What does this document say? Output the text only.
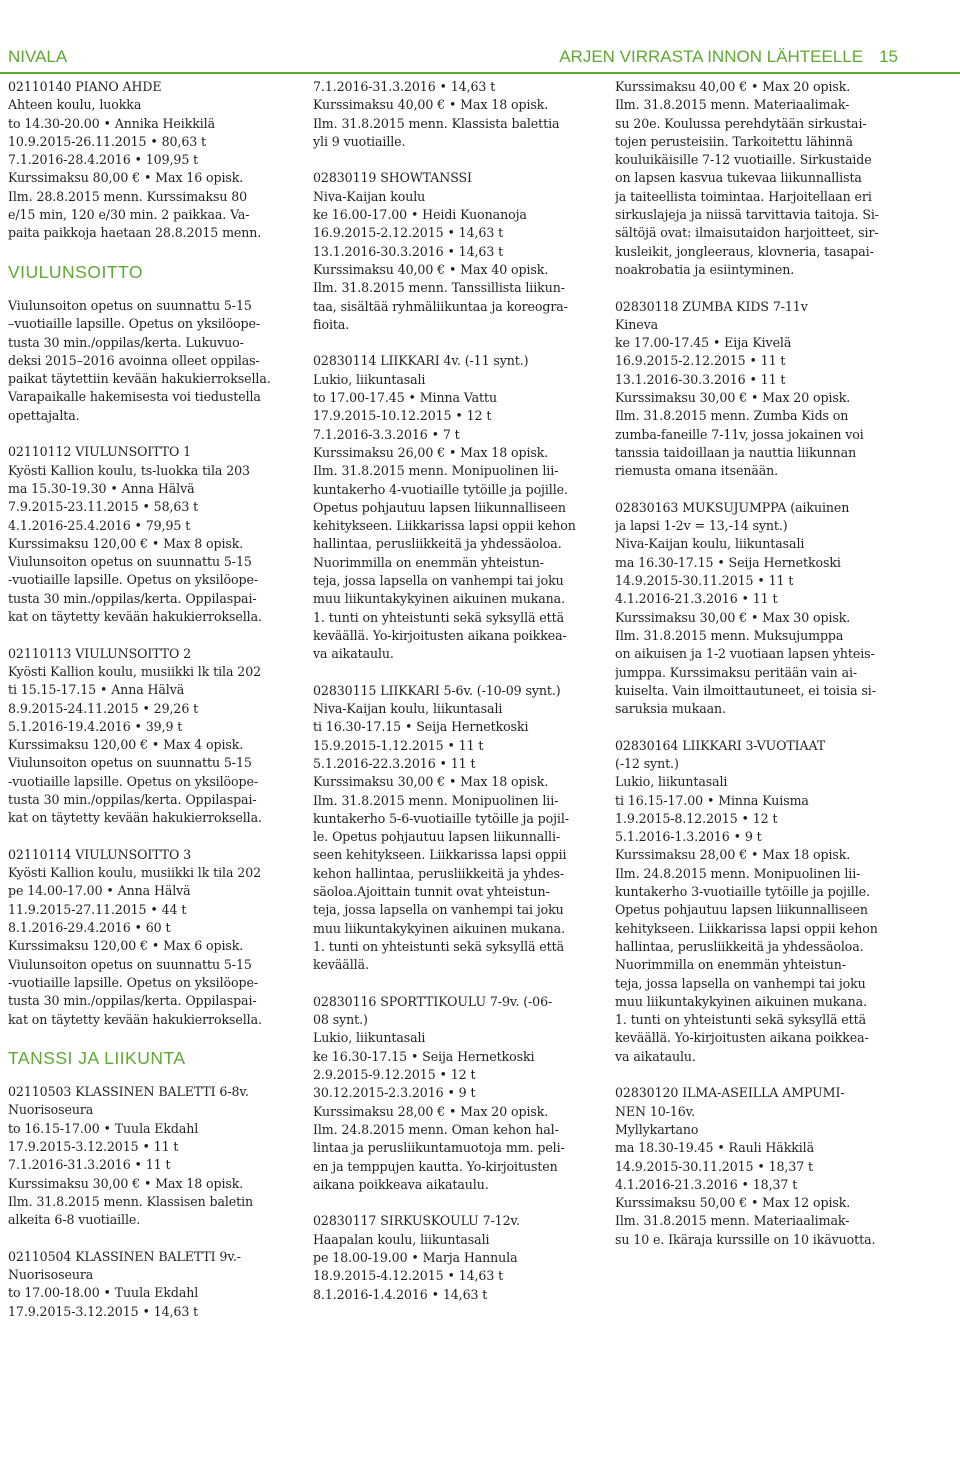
NIVALA	ARJEN VIRRASTA INNON LÄHTEELLE 15
02110140 PIANO AHDE
Ahteen koulu, luokka
to 14.30-20.00 • Annika Heikkilä
10.9.2015-26.11.2015 • 80,63 t
7.1.2016-28.4.2016 • 109,95 t
Kurssimaksu 80,00 € • Max 16 opisk.
Ilm. 28.8.2015 menn. Kurssimaksu 80
e/15 min, 120 e/30 min. 2 paikkaa. Va-
paita paikkoja haetaan 28.8.2015 menn.
VIULUNSOITTO
Viulunsoiton opetus on suunnattu 5-15
–vuotiaille lapsille. Opetus on yksilöope-
tusta 30 min./oppilas/kerta. Lukuvuo-
deksi 2015–2016 avoinna olleet oppilas-
paikat täytettiin kevään hakukierroksella.
Varapaikalle hakemisesta voi tiedustella
opettajalta.
02110112 VIULUNSOITTO 1
Kyösti Kallion koulu, ts-luokka tila 203
ma 15.30-19.30 • Anna Hälvä
7.9.2015-23.11.2015 • 58,63 t
4.1.2016-25.4.2016 • 79,95 t
Kurssimaksu 120,00 € • Max 8 opisk.
Viulunsoiton opetus on suunnattu 5-15
-vuotiaille lapsille. Opetus on yksilöope-
tusta 30 min./oppilas/kerta. Oppilaspai-
kat on täytetty kevään hakukierroksella.
02110113 VIULUNSOITTO 2
Kyösti Kallion koulu, musiikki lk tila 202
ti 15.15-17.15 • Anna Hälvä
8.9.2015-24.11.2015 • 29,26 t
5.1.2016-19.4.2016 • 39,9 t
Kurssimaksu 120,00 € • Max 4 opisk.
Viulunsoiton opetus on suunnattu 5-15
-vuotiaille lapsille. Opetus on yksilöope-
tusta 30 min./oppilas/kerta. Oppilaspai-
kat on täytetty kevään hakukierroksella.
02110114 VIULUNSOITTO 3
Kyösti Kallion koulu, musiikki lk tila 202
pe 14.00-17.00 • Anna Hälvä
11.9.2015-27.11.2015 • 44 t
8.1.2016-29.4.2016 • 60 t
Kurssimaksu 120,00 € • Max 6 opisk.
Viulunsoiton opetus on suunnattu 5-15
-vuotiaille lapsille. Opetus on yksilöope-
tusta 30 min./oppilas/kerta. Oppilaspai-
kat on täytetty kevään hakukierroksella.
TANSSI JA LIIKUNTA
02110503 KLASSINEN BALETTI 6-8v.
Nuorisoseura
to 16.15-17.00 • Tuula Ekdahl
17.9.2015-3.12.2015 • 11 t
7.1.2016-31.3.2016 • 11 t
Kurssimaksu 30,00 € • Max 18 opisk.
Ilm. 31.8.2015 menn. Klassisen baletin
alkeita 6-8 vuotiaille.
02110504 KLASSINEN BALETTI 9v.-
Nuorisoseura
to 17.00-18.00 • Tuula Ekdahl
17.9.2015-3.12.2015 • 14,63 t
7.1.2016-31.3.2016 • 14,63 t
Kurssimaksu 40,00 € • Max 18 opisk.
Ilm. 31.8.2015 menn. Klassista balettia
yli 9 vuotiaille.
02830119 SHOWTANSSI
Niva-Kaijan koulu
ke 16.00-17.00 • Heidi Kuonanoja
16.9.2015-2.12.2015 • 14,63 t
13.1.2016-30.3.2016 • 14,63 t
Kurssimaksu 40,00 € • Max 40 opisk.
Ilm. 31.8.2015 menn. Tanssillista liikun-
taa, sisältää ryhmäliikuntaa ja koreogra-
fioita.
02830114 LIIKKARI 4v. (-11 synt.)
Lukio, liikuntasali
to 17.00-17.45 • Minna Vattu
17.9.2015-10.12.2015 • 12 t
7.1.2016-3.3.2016 • 7 t
Kurssimaksu 26,00 € • Max 18 opisk.
Ilm. 31.8.2015 menn. Monipuolinen lii-
kuntakerho 4-vuotiaille tytöille ja pojille.
Opetus pohjautuu lapsen liikunnalliseen
kehitykseen. Liikkarissa lapsi oppii kehon
hallintaa, perusliikkeitä ja yhdessäoloa.
Nuorimmilla on enemmän yhteistun-
teja, jossa lapsella on vanhempi tai joku
muu liikuntakykyinen aikuinen mukana.
1. tunti on yhteistunti sekä syksyllä että
keväällä. Yo-kirjoitusten aikana poikkea-
va aikataulu.
02830115 LIIKKARI 5-6v. (-10-09 synt.)
Niva-Kaijan koulu, liikuntasali
ti 16.30-17.15 • Seija Hernetkoski
15.9.2015-1.12.2015 • 11 t
5.1.2016-22.3.2016 • 11 t
Kurssimaksu 30,00 € • Max 18 opisk.
Ilm. 31.8.2015 menn. Monipuolinen lii-
kuntakerho 5-6-vuotiaille tytöille ja pojil-
le. Opetus pohjautuu lapsen liikunnalli-
seen kehitykseen. Liikkarissa lapsi oppii
kehon hallintaa, perusliikkeitä ja yhdes-
säoloa.Ajoittain tunnit ovat yhteistun-
teja, jossa lapsella on vanhempi tai joku
muu liikuntakykyinen aikuinen mukana.
1. tunti on yhteistunti sekä syksyllä että
keväällä.
02830116 SPORTTIKOULU 7-9v. (-06-
08 synt.)
Lukio, liikuntasali
ke 16.30-17.15 • Seija Hernetkoski
2.9.2015-9.12.2015 • 12 t
30.12.2015-2.3.2016 • 9 t
Kurssimaksu 28,00 € • Max 20 opisk.
Ilm. 24.8.2015 menn. Oman kehon hal-
lintaa ja perusliikuntamuotoja mm. peli-
en ja temppujen kautta. Yo-kirjoitusten
aikana poikkeava aikataulu.
02830117 SIRKUSKOULU 7-12v.
Haapalan koulu, liikuntasali
pe 18.00-19.00 • Marja Hannula
18.9.2015-4.12.2015 • 14,63 t
8.1.2016-1.4.2016 • 14,63 t
Kurssimaksu 40,00 € • Max 20 opisk.
Ilm. 31.8.2015 menn. Materiaalimak-
su 20e. Koulussa perehdytään sirkustai-
tojen perusteisiin. Tarkoitettu lähinnä
kouluikäisille 7-12 vuotiaille. Sirkustaide
on lapsen kasvua tukevaa liikunnallista
ja taiteellista toimintaa. Harjoitellaan eri
sirkuslajeja ja niissä tarvittavia taitoja. Si-
sältöjä ovat: ilmaisutaidon harjoitteet, sir-
kusleikit, jongleeraus, klovneria, tasapai-
noakrobatia ja esiintyminen.
02830118 ZUMBA KIDS 7-11v
Kineva
ke 17.00-17.45 • Eija Kivelä
16.9.2015-2.12.2015 • 11 t
13.1.2016-30.3.2016 • 11 t
Kurssimaksu 30,00 € • Max 20 opisk.
Ilm. 31.8.2015 menn. Zumba Kids on
zumba-faneille 7-11v, jossa jokainen voi
tanssia taidoillaan ja nauttia liikunnan
riemusta omana itsenään.
02830163 MUKSUJUMPPA (aikuinen
ja lapsi 1-2v = 13,-14 synt.)
Niva-Kaijan koulu, liikuntasali
ma 16.30-17.15 • Seija Hernetkoski
14.9.2015-30.11.2015 • 11 t
4.1.2016-21.3.2016 • 11 t
Kurssimaksu 30,00 € • Max 30 opisk.
Ilm. 31.8.2015 menn. Muksujumppa
on aikuisen ja 1-2 vuotiaan lapsen yhteis-
jumppa. Kurssimaksu peritään vain ai-
kuiselta. Vain ilmoittautuneet, ei toisia si-
saruksia mukaan.
02830164 LIIKKARI 3-VUOTIAAT
(-12 synt.)
Lukio, liikuntasali
ti 16.15-17.00 • Minna Kuisma
1.9.2015-8.12.2015 • 12 t
5.1.2016-1.3.2016 • 9 t
Kurssimaksu 28,00 € • Max 18 opisk.
Ilm. 24.8.2015 menn. Monipuolinen lii-
kuntakerho 3-vuotiaille tytöille ja pojille.
Opetus pohjautuu lapsen liikunnalliseen
kehitykseen. Liikkarissa lapsi oppii kehon
hallintaa, perusliikkeitä ja yhdessäoloa.
Nuorimmilla on enemmän yhteistun-
teja, jossa lapsella on vanhempi tai joku
muu liikuntakykyinen aikuinen mukana.
1. tunti on yhteistunti sekä syksyllä että
keväällä. Yo-kirjoitusten aikana poikkea-
va aikataulu.
02830120 ILMA-ASEILLA AMPUMI-
NEN 10-16v.
Myllykartano
ma 18.30-19.45 • Rauli Häkkilä
14.9.2015-30.11.2015 • 18,37 t
4.1.2016-21.3.2016 • 18,37 t
Kurssimaksu 50,00 € • Max 12 opisk.
Ilm. 31.8.2015 menn. Materiaalimak-
su 10 e. Ikäraja kurssille on 10 ikävuotta.
